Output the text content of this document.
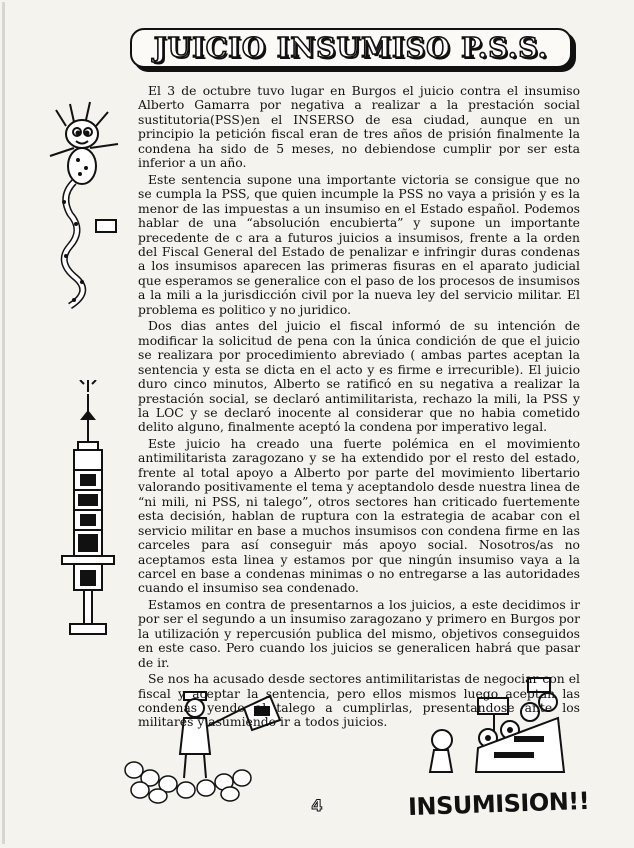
JUICIO INSUMISO P.S.S.

El 3 de octubre tuvo lugar en Burgos el juicio contra el insumiso Alberto Gamarra por negativa a realizar a la prestación social sustitutoria(PSS)en el INSERSO de esa ciudad, aunque en un principio la petición fiscal eran de tres años de prisión finalmente la condena ha sido de 5 meses, no debiendose cumplir por ser esta inferior a un año.

Este sentencia supone una importante victoria se consigue que no se cumpla la PSS, que quien incumple la PSS no vaya a prisión y es la menor de las impuestas a un insumiso en el Estado español. Podemos hablar de una “absolución encubierta” y supone un importante precedente de c ara a futuros juicios a insumisos, frente a la orden del Fiscal General del Estado de penalizar e infringir duras condenas a los insumisos aparecen las primeras fisuras en el aparato judicial que esperamos se generalice con el paso de los procesos de insumisos a la mili a la jurisdicción civil por la nueva ley del servicio militar. El problema es politico y no juridico.

Dos dias antes del juicio el fiscal informó de su intención de modificar la solicitud de pena con la única condición de que el juicio se realizara por procedimiento abreviado ( ambas partes aceptan la sentencia y esta se dicta en el acto y es firme e irrecurible). El juicio duro cinco minutos, Alberto se ratificó en su negativa a realizar la prestación social, se declaró antimilitarista, rechazo la mili, la PSS y la LOC y se declaró inocente al considerar que no habia cometido delito alguno, finalmente aceptó la condena por imperativo legal.

Este juicio ha creado una fuerte polémica en el movimiento antimilitarista zaragozano y se ha extendido por el resto del estado, frente al total apoyo a Alberto por parte del movimiento libertario valorando positivamente el tema y aceptandolo desde nuestra linea de “ni mili, ni PSS, ni talego”, otros sectores han criticado fuertemente esta decisión, hablan de ruptura con la estrategia de acabar con el servicio militar en base a muchos insumisos con condena firme en las carceles para así conseguir más apoyo social. Nosotros/as no aceptamos esta linea y estamos por que ningún insumiso vaya a la carcel en base a condenas minimas o no entregarse a las autoridades cuando el insumiso sea condenado.

Estamos en contra de presentarnos a los juicios, a este decidimos ir por ser el segundo a un insumiso zaragozano y primero en Burgos por la utilización y repercusión publica del mismo, objetivos conseguidos en este caso. Pero cuando los juicios se generalicen habrá que pasar de ir.

Se nos ha acusado desde sectores antimilitaristas de negociar con el fiscal y aceptar la sentencia, pero ellos mismos luego aceptan las condenas yendo al talego a cumplirlas, presentandose ante los militares y asumiendo ir a todos juicios.

4	INSUMISION!!
